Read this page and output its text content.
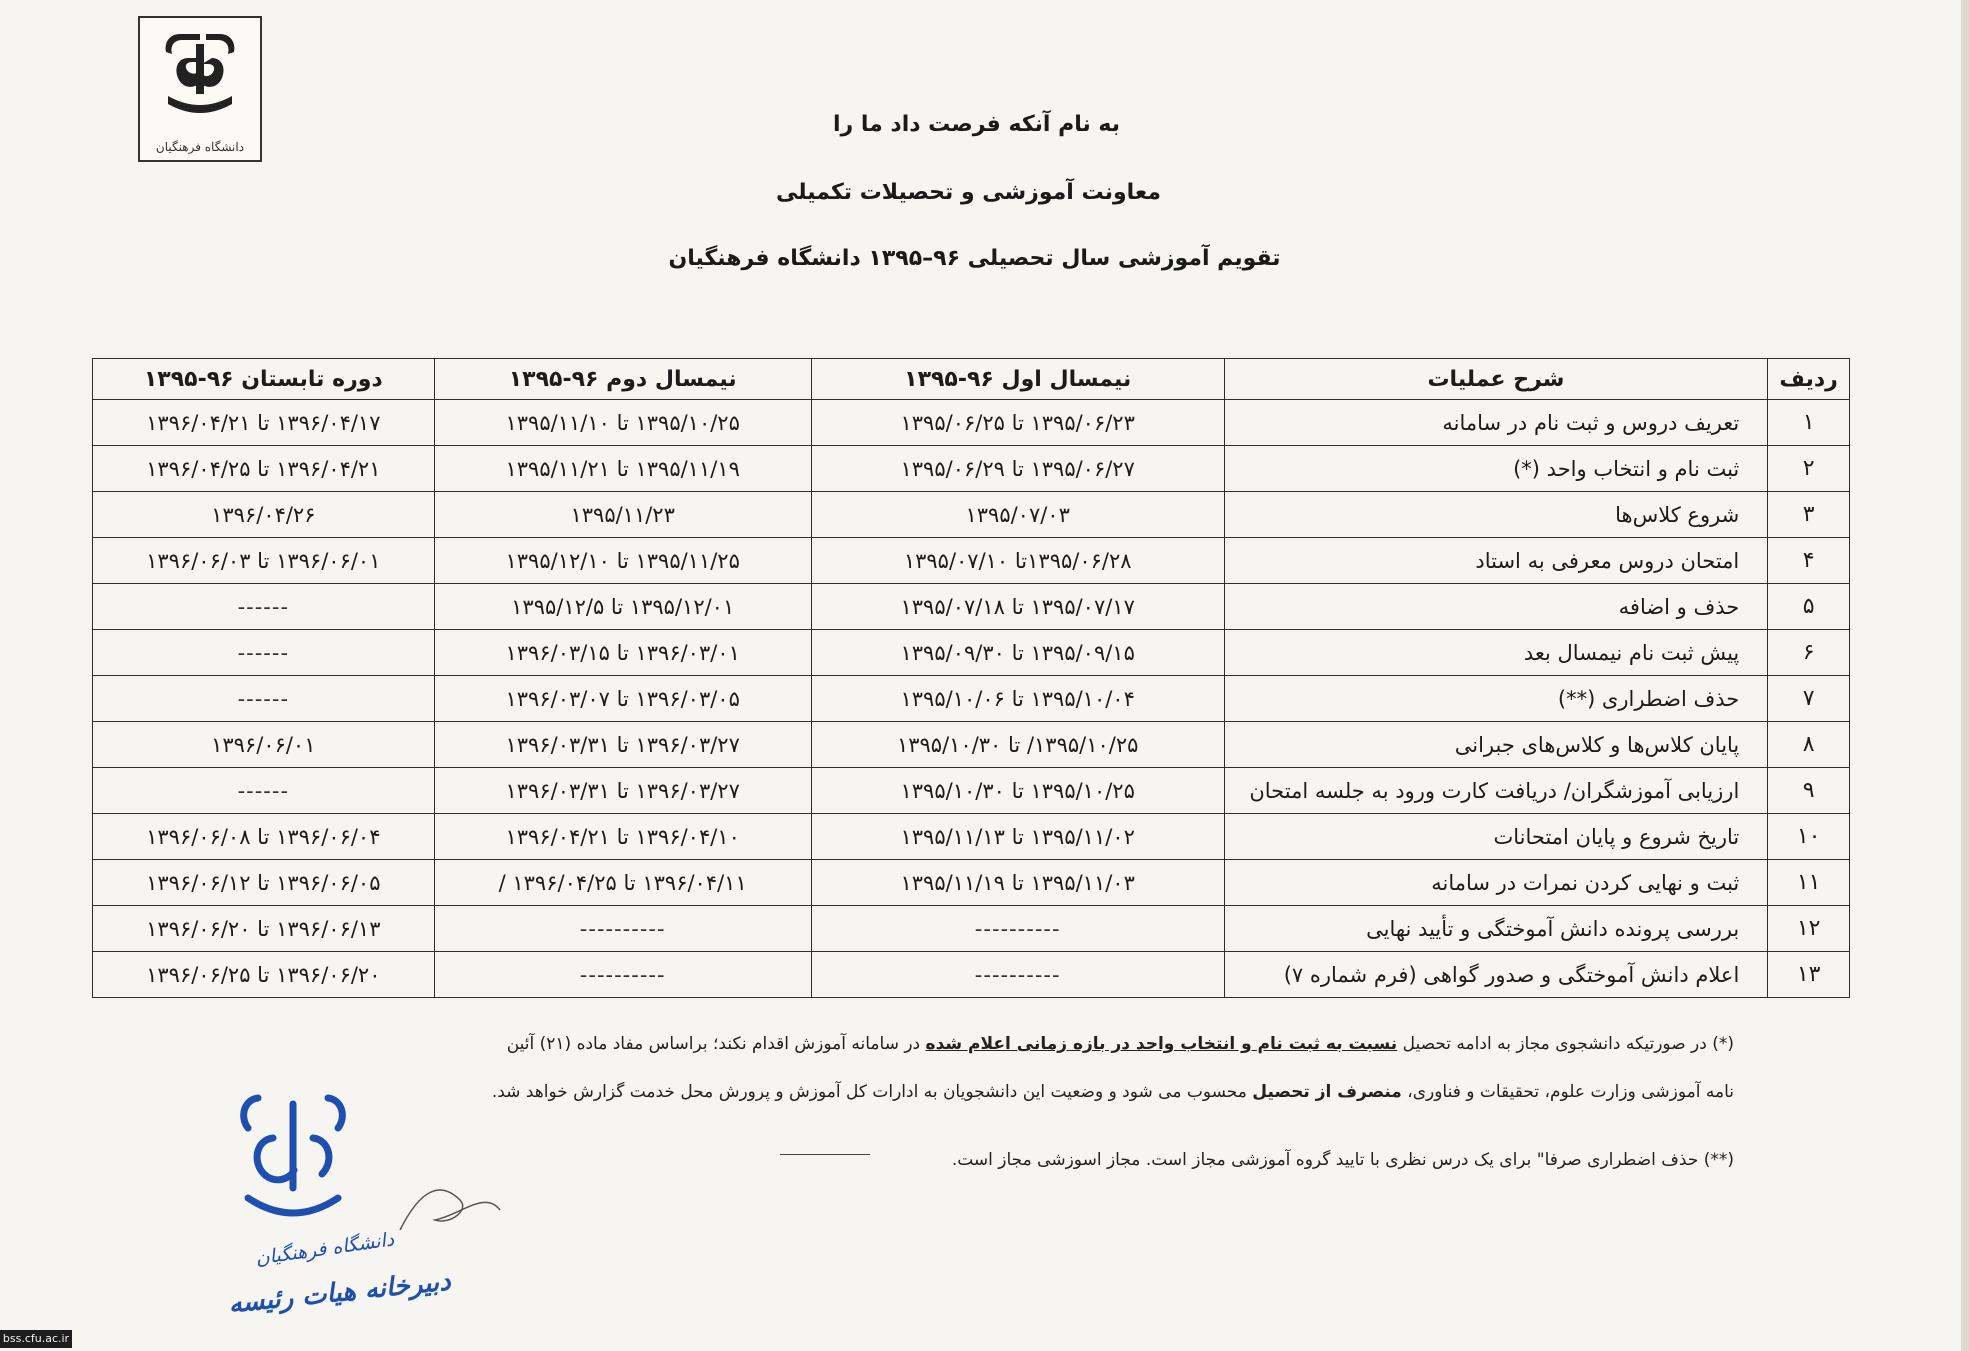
دانشگاه فرهنگیان
به نام آنکه فرصت داد ما را
معاونت آموزشی و تحصیلات تکمیلی
تقویم آموزشی سال تحصیلی ۹۶–۱۳۹۵ دانشگاه فرهنگیان
ردیف	شرح عملیات	نیمسال اول ۹۶-۱۳۹۵	نیمسال دوم ۹۶-۱۳۹۵	دوره تابستان ۹۶-۱۳۹۵
۱	تعریف دروس و ثبت نام در سامانه	۱۳۹۵/۰۶/۲۳ تا ۱۳۹۵/۰۶/۲۵	۱۳۹۵/۱۰/۲۵ تا ۱۳۹۵/۱۱/۱۰	۱۳۹۶/۰۴/۱۷ تا ۱۳۹۶/۰۴/۲۱
۲	ثبت نام و انتخاب واحد (*)	۱۳۹۵/۰۶/۲۷ تا ۱۳۹۵/۰۶/۲۹	۱۳۹۵/۱۱/۱۹ تا ۱۳۹۵/۱۱/۲۱	۱۳۹۶/۰۴/۲۱ تا ۱۳۹۶/۰۴/۲۵
۳	شروع کلاس‌ها	۱۳۹۵/۰۷/۰۳	۱۳۹۵/۱۱/۲۳	۱۳۹۶/۰۴/۲۶
۴	امتحان دروس معرفی به استاد	۱۳۹۵/۰۶/۲۸تا ۱۳۹۵/۰۷/۱۰	۱۳۹۵/۱۱/۲۵ تا ۱۳۹۵/۱۲/۱۰	۱۳۹۶/۰۶/۰۱ تا ۱۳۹۶/۰۶/۰۳
۵	حذف و اضافه	۱۳۹۵/۰۷/۱۷ تا ۱۳۹۵/۰۷/۱۸	۱۳۹۵/۱۲/۰۱ تا ۱۳۹۵/۱۲/۵	------
۶	پیش ثبت نام نیمسال بعد	۱۳۹۵/۰۹/۱۵ تا ۱۳۹۵/۰۹/۳۰	۱۳۹۶/۰۳/۰۱ تا ۱۳۹۶/۰۳/۱۵	------
۷	حذف اضطراری (**)	۱۳۹۵/۱۰/۰۴ تا ۱۳۹۵/۱۰/۰۶	۱۳۹۶/۰۳/۰۵ تا ۱۳۹۶/۰۳/۰۷	------
۸	پایان کلاس‌ها و کلاس‌های جبرانی	۱۳۹۵/۱۰/۲۵/ تا ۱۳۹۵/۱۰/۳۰	۱۳۹۶/۰۳/۲۷ تا ۱۳۹۶/۰۳/۳۱	۱۳۹۶/۰۶/۰۱
۹	ارزیابی آموزشگران/ دریافت کارت ورود به جلسه امتحان	۱۳۹۵/۱۰/۲۵ تا ۱۳۹۵/۱۰/۳۰	۱۳۹۶/۰۳/۲۷ تا ۱۳۹۶/۰۳/۳۱	------
۱۰	تاریخ شروع و پایان امتحانات	۱۳۹۵/۱۱/۰۲ تا ۱۳۹۵/۱۱/۱۳	۱۳۹۶/۰۴/۱۰ تا ۱۳۹۶/۰۴/۲۱	۱۳۹۶/۰۶/۰۴ تا ۱۳۹۶/۰۶/۰۸
۱۱	ثبت و نهایی کردن نمرات در سامانه	۱۳۹۵/۱۱/۰۳ تا ۱۳۹۵/۱۱/۱۹	۱۳۹۶/۰۴/۱۱ تا ۱۳۹۶/۰۴/۲۵ /	۱۳۹۶/۰۶/۰۵ تا ۱۳۹۶/۰۶/۱۲
۱۲	بررسی پرونده دانش آموختگی و تأیید نهایی	----------	----------	۱۳۹۶/۰۶/۱۳ تا ۱۳۹۶/۰۶/۲۰
۱۳	اعلام دانش آموختگی و صدور گواهی (فرم شماره ۷)	----------	----------	۱۳۹۶/۰۶/۲۰ تا ۱۳۹۶/۰۶/۲۵
(*) در صورتیکه دانشجوی مجاز به ادامه تحصیل نسبت به ثبت نام و انتخاب واحد در بازه زمانی اعلام شده در سامانه آموزش اقدام نکند؛ براساس مفاد ماده (۲۱) آئین
نامه آموزشی وزارت علوم، تحقیقات و فناوری، منصرف از تحصیل محسوب می شود و وضعیت این دانشجویان به ادارات کل آموزش و پرورش محل خدمت گزارش خواهد شد.
(**) حذف اضطراری صرفا" برای یک درس نظری با تایید گروه آموزشی مجاز است. مجاز اسوزشی مجاز است.
دانشگاه فرهنگیان
دبیرخانه هیات رئیسه
bss.cfu.ac.ir
